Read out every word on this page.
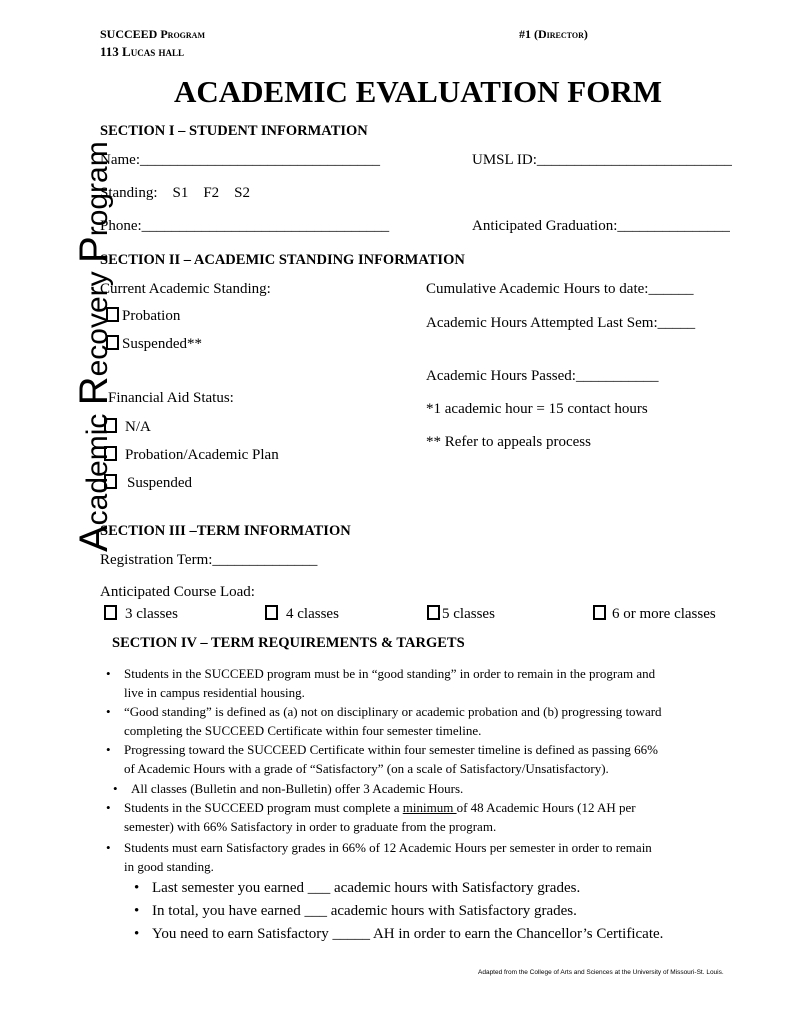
SUCCEED Program
113 Lucas hall
#1 (Director)
ACADEMIC EVALUATION FORM
Academic Recovery Program
SECTION I – STUDENT INFORMATION
Name:________________________________	UMSL ID:__________________________
Standing:    S1    F2    S2
Phone:_________________________________	Anticipated Graduation:_______________
SECTION II – ACADEMIC STANDING INFORMATION
Current Academic Standing:
Probation
Suspended**
Financial Aid Status:
N/A
Probation/Academic Plan
Suspended
Cumulative Academic Hours to date:______
Academic Hours Attempted Last Sem:_____
Academic Hours Passed:___________
*1 academic hour = 15 contact hours
** Refer to appeals process
SECTION III –TERM INFORMATION
Registration Term:______________
Anticipated Course Load:
3 classes	4 classes	5 classes	6 or more classes
SECTION IV – TERM REQUIREMENTS & TARGETS
• Students in the SUCCEED program must be in “good standing” in order to remain in the program and
live in campus residential housing.
• “Good standing” is defined as (a) not on disciplinary or academic probation and (b) progressing toward
completing the SUCCEED Certificate within four semester timeline.
• Progressing toward the SUCCEED Certificate within four semester timeline is defined as passing 66%
of Academic Hours with a grade of “Satisfactory” (on a scale of Satisfactory/Unsatisfactory).
• All classes (Bulletin and non-Bulletin) offer 3 Academic Hours.
• Students in the SUCCEED program must complete a minimum of 48 Academic Hours (12 AH per
semester) with 66% Satisfactory in order to graduate from the program.
• Students must earn Satisfactory grades in 66% of 12 Academic Hours per semester in order to remain
in good standing.
• Last semester you earned ___ academic hours with Satisfactory grades.
• In total, you have earned ___ academic hours with Satisfactory grades.
• You need to earn Satisfactory _____ AH in order to earn the Chancellor’s Certificate.
Adapted from the College of Arts and Sciences at the University of Missouri-St. Louis.
